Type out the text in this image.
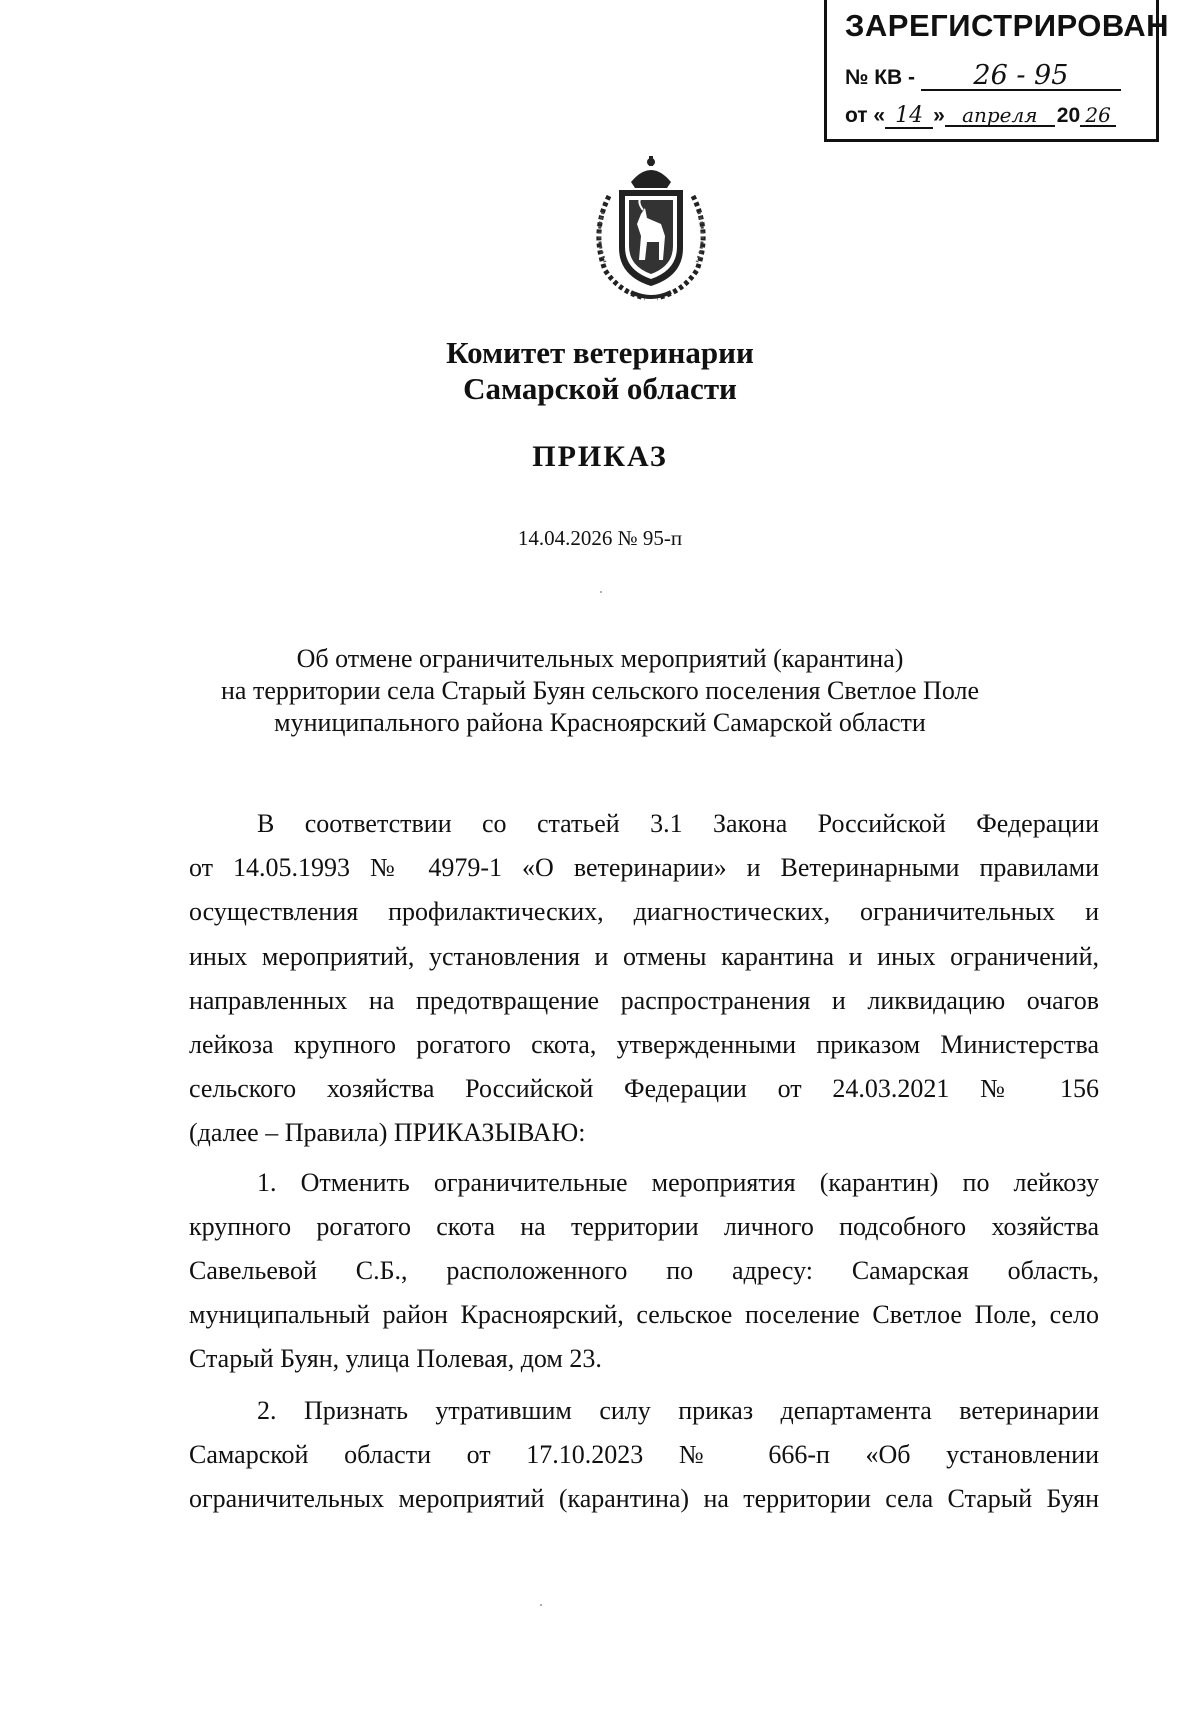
ЗАРЕГИСТРИРОВАН
№ КВ - 26 - 95
от « 14 » апреля 20 26
Комитет ветеринарии
Самарской области
ПРИКАЗ
14.04.2026 № 95-п
Об отмене ограничительных мероприятий (карантина)
на территории села Старый Буян сельского поселения Светлое Поле
муниципального района Красноярский Самарской области
В соответствии со статьей 3.1 Закона Российской Федерации
от 14.05.1993 № 4979-1 «О ветеринарии» и Ветеринарными правилами
осуществления профилактических, диагностических, ограничительных и
иных мероприятий, установления и отмены карантина и иных ограничений,
направленных на предотвращение распространения и ликвидацию очагов
лейкоза крупного рогатого скота, утвержденными приказом Министерства
сельского хозяйства Российской Федерации от 24.03.2021 № 156
(далее – Правила) ПРИКАЗЫВАЮ:
1. Отменить ограничительные мероприятия (карантин) по лейкозу
крупного рогатого скота на территории личного подсобного хозяйства
Савельевой С.Б., расположенного по адресу: Самарская область,
муниципальный район Красноярский, сельское поселение Светлое Поле, село
Старый Буян, улица Полевая, дом 23.
2. Признать утратившим силу приказ департамента ветеринарии
Самарской области от 17.10.2023 № 666-п «Об установлении
ограничительных мероприятий (карантина) на территории села Старый Буян
